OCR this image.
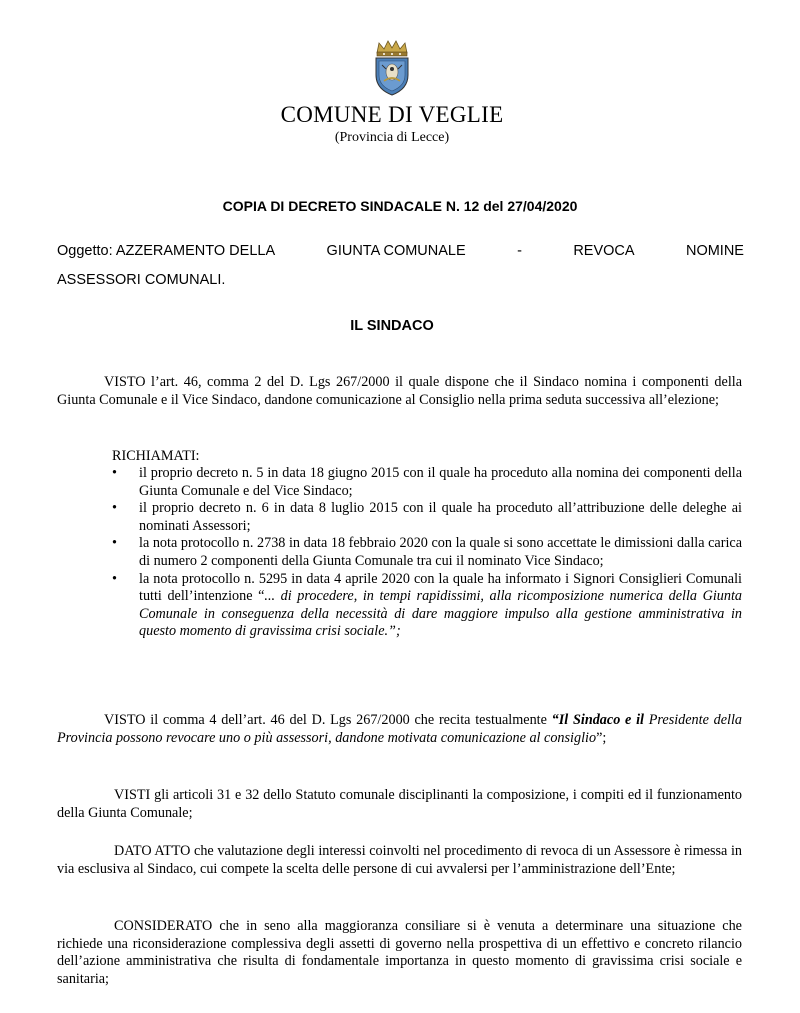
COMUNE DI VEGLIE
(Provincia di Lecce)
COPIA DI DECRETO SINDACALE N. 12 del 27/04/2020
Oggetto: AZZERAMENTO DELLA	GIUNTA COMUNALE	-	REVOCA	NOMINE
ASSESSORI COMUNALI.
IL SINDACO
VISTO l’art. 46, comma 2 del D. Lgs 267/2000 il quale dispone che il Sindaco nomina i componenti della Giunta Comunale e il Vice Sindaco, dandone comunicazione al Consiglio nella prima seduta successiva all’elezione;
RICHIAMATI:
• il proprio decreto n. 5 in data 18 giugno 2015 con il quale ha proceduto alla nomina dei componenti della Giunta Comunale e del Vice Sindaco;
• il proprio decreto n. 6 in data 8 luglio 2015 con il quale ha proceduto all’attribuzione delle deleghe ai nominati Assessori;
• la nota protocollo n. 2738 in data 18 febbraio 2020 con la quale si sono accettate le dimissioni dalla carica di numero 2 componenti della Giunta Comunale tra cui il nominato Vice Sindaco;
• la nota protocollo n. 5295 in data 4 aprile 2020 con la quale ha informato i Signori Consiglieri Comunali tutti dell’intenzione “... di procedere, in tempi rapidissimi, alla ricomposizione numerica della Giunta Comunale in conseguenza della necessità di dare maggiore impulso alla gestione amministrativa in questo momento di gravissima crisi sociale.”;
VISTO il comma 4 dell’art. 46 del D. Lgs 267/2000 che recita testualmente “Il Sindaco e il Presidente della Provincia possono revocare uno o più assessori, dandone motivata comunicazione al consiglio”;
VISTI gli articoli 31 e 32 dello Statuto comunale disciplinanti la composizione, i compiti ed il funzionamento della Giunta Comunale;
DATO ATTO che valutazione degli interessi coinvolti nel procedimento di revoca di un Assessore è rimessa in via esclusiva al Sindaco, cui compete la scelta delle persone di cui avvalersi per l’amministrazione dell’Ente;
CONSIDERATO che in seno alla maggioranza consiliare si è venuta a determinare una situazione che richiede una riconsiderazione complessiva degli assetti di governo nella prospettiva di un effettivo e concreto rilancio dell’azione amministrativa che risulta di fondamentale importanza in questo momento di gravissima crisi sociale e sanitaria;
